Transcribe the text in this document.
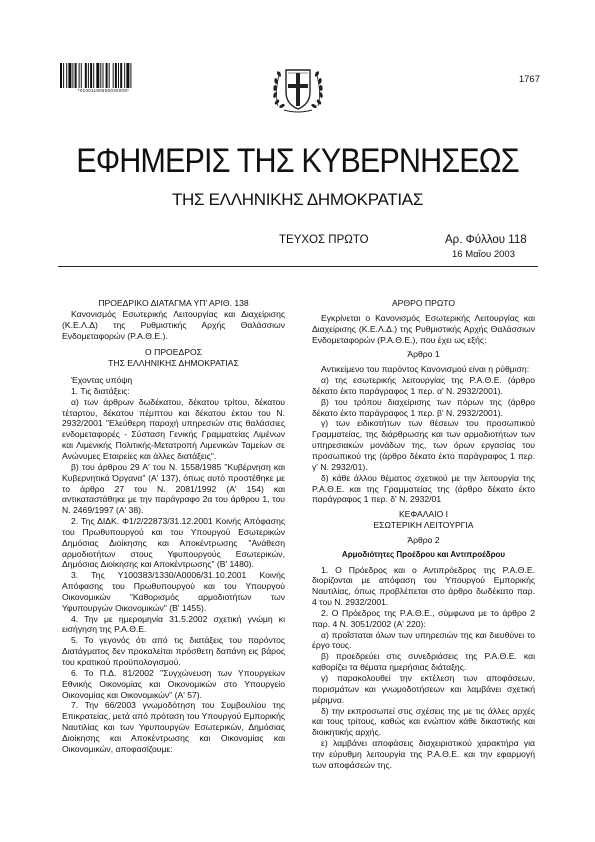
*01001180605030008*
1767
ΕΦΗΜΕΡΙΣ ΤΗΣ ΚΥΒΕΡΝΗΣΕΩΣ
ΤΗΣ ΕΛΛΗΝΙΚΗΣ ΔΗΜΟΚΡΑΤΙΑΣ
ΤΕΥΧΟΣ ΠΡΩΤΟ	Αρ. Φύλλου 118
16 Μαΐου 2003

ΠΡΟΕΔΡΙΚΟ ΔΙΑΤΑΓΜΑ ΥΠ' ΑΡΙΘ. 138

Κανονισμός Εσωτερικής Λειτουργίας και Διαχείρισης (Κ.Ε.Λ.Δ) της Ρυθμιστικής Αρχής Θαλάσσιων Ενδομεταφορών (Ρ.Α.Θ.Ε.).

Ο ΠΡΟΕΔΡΟΣ

ΤΗΣ ΕΛΛΗΝΙΚΗΣ ΔΗΜΟΚΡΑΤΙΑΣ

Έχοντας υπόψη

1. Τις διατάξεις:

α) των άρθρων δωδέκατου, δέκατου τρίτου, δέκατου τέταρτου, δέκατου πέμπτου και δέκατου έκτου του Ν. 2932/2001 "Ελεύθερη παροχή υπηρεσιών στις θαλάσσιες ενδομεταφορές - Σύσταση Γενικής Γραμματείας Λιμένων και Λιμενικής Πολιτικής-Μετατροπή Λιμενικών Ταμείων σε Ανώνυμες Εταιρείες και άλλες διατάξεις".

β) του άρθρου 29 Α' του Ν. 1558/1985 "Κυβέρνηση και Κυβερνητικά Όργανα" (Α' 137), όπως αυτό προστέθηκε με το άρθρο 27 του Ν. 2081/1992 (Α' 154) και αντικαταστάθηκε με την παράγραφο 2α του άρθρου 1, του Ν. 2469/1997 (Α' 38).

2. Της ΔΙΔΚ. Φ1/2/22873/31.12.2001 Κοινής Απόφασης του Πρωθυπουργού και του Υπουργού Εσωτερικών Δημόσιας Διοίκησης και Αποκέντρωσης "Ανάθεση αρμοδιοτήτων στους Υφυπουργούς Εσωτερικών, Δημόσιας Διοίκησης και Αποκέντρωσης" (Β' 1480).

3. Της Υ100383/1330/Α0006/31.10.2001 Κοινής Απόφασης του Πρωθυπουργού και του Υπουργού Οικονομικών "Καθορισμός αρμοδιοτήτων των Υφυπουργών Οικονομικών" (Β' 1455).

4. Την με ημερομηνία 31.5.2002 σχετική γνώμη κι εισήγηση της Ρ.Α.Θ.Ε.

5. Το γεγονός ότι από τις διατάξεις του παρόντος Διατάγματος δεν προκαλείται πρόσθετη δαπάνη εις βάρος του κρατικού προϋπολογισμού.

6. Το Π.Δ. 81/2002 "Συγχώνευση των Υπουργείων Εθνικής Οικονομίας και Οικονομικών στο Υπουργείο Οικονομίας και Οικονομικών" (Α' 57).

7. Την 66/2003 γνωμοδότηση του Συμβουλίου της Επικρατείας, μετά από πρόταση του Υπουργού Εμπορικής Ναυτιλίας και των Υφυπουργών Εσωτερικών, Δημόσιας Διοίκησης και Αποκέντρωσης και Οικονομίας και Οικονομικών, αποφασίζουμε:

ΑΡΘΡΟ ΠΡΩΤΟ

Εγκρίνεται ο Κανονισμός Εσωτερικής Λειτουργίας και Διαχείρισης (Κ.Ε.Λ.Δ.) της Ρυθμιστικής Αρχής Θαλάσσιων Ενδομεταφορών (Ρ.Α.Θ.Ε.), που έχει ως εξής:

Άρθρο 1

Αντικείμενο του παρόντος Κανονισμού είναι η ρύθμιση:

α) της εσωτερικής λειτουργίας της Ρ.Α.Θ.Ε. (άρθρο δέκατο έκτο παράγραφος 1 περ. α' Ν. 2932/2001).

β) του τρόπου διαχείρισης των πόρων της (άρθρο δέκατο έκτο παράγραφος 1 περ. β' Ν. 2932/2001).

γ) των ειδικοτήτων των θέσεων του προσωπικού Γραμματείας, της διάρθρωσης και των αρμοδιοτήτων των υπηρεσιακών μονάδων της, των όρων εργασίας του προσωπικού της (άρθρο δέκατο έκτο παράγραφος 1 περ. γ' Ν. 2932/01).

δ) κάθε άλλου θέματος σχετικού με την λειτουργία της Ρ.Α.Θ.Ε. και της Γραμματείας της (άρθρο δέκατο έκτο παράγραφος 1 περ. δ' Ν. 2932/01

ΚΕΦΑΛΑΙΟ Ι

ΕΣΩΤΕΡΙΚΗ ΛΕΙΤΟΥΡΓΙΑ

Άρθρο 2

Αρμοδιότητες Προέδρου και Αντιπροέδρου

1. Ο Πρόεδρος και ο Αντιπρόεδρος της Ρ.Α.Θ.Ε. διορίζονται με απόφαση του Υπουργού Εμπορικής Ναυτιλίας, όπως προβλέπεται στο άρθρο δωδέκατο παρ. 4 του Ν. 2932/2001.

2. Ο Πρόεδρος της Ρ.Α.Θ.Ε., σύμφωνα με το άρθρο 2 παρ. 4 Ν. 3051/2002 (Α' 220):

α) προΐσταται όλων των υπηρεσιών της και διευθύνει το έργο τους.

β) προεδρεύει στις συνεδριάσεις της Ρ.Α.Θ.Ε. και καθορίζει τα θέματα ημερήσιας διάταξης.

γ) παρακολουθεί την εκτέλεση των αποφάσεων, πορισμάτων και γνωμοδοτήσεων και λαμβάνει σχετική μέριμνα.

δ) την εκπροσωπεί στις σχέσεις της με τις άλλες αρχές και τους τρίτους, καθώς και ενώπιον κάθε δικαστικής και διοικητικής αρχής.

ε) λαμβάνει αποφάσεις διαχειριστικού χαρακτήρα για την εύρυθμη λειτουργία της Ρ.Α.Θ.Ε. και την εφαρμογή των αποφάσεών της.
